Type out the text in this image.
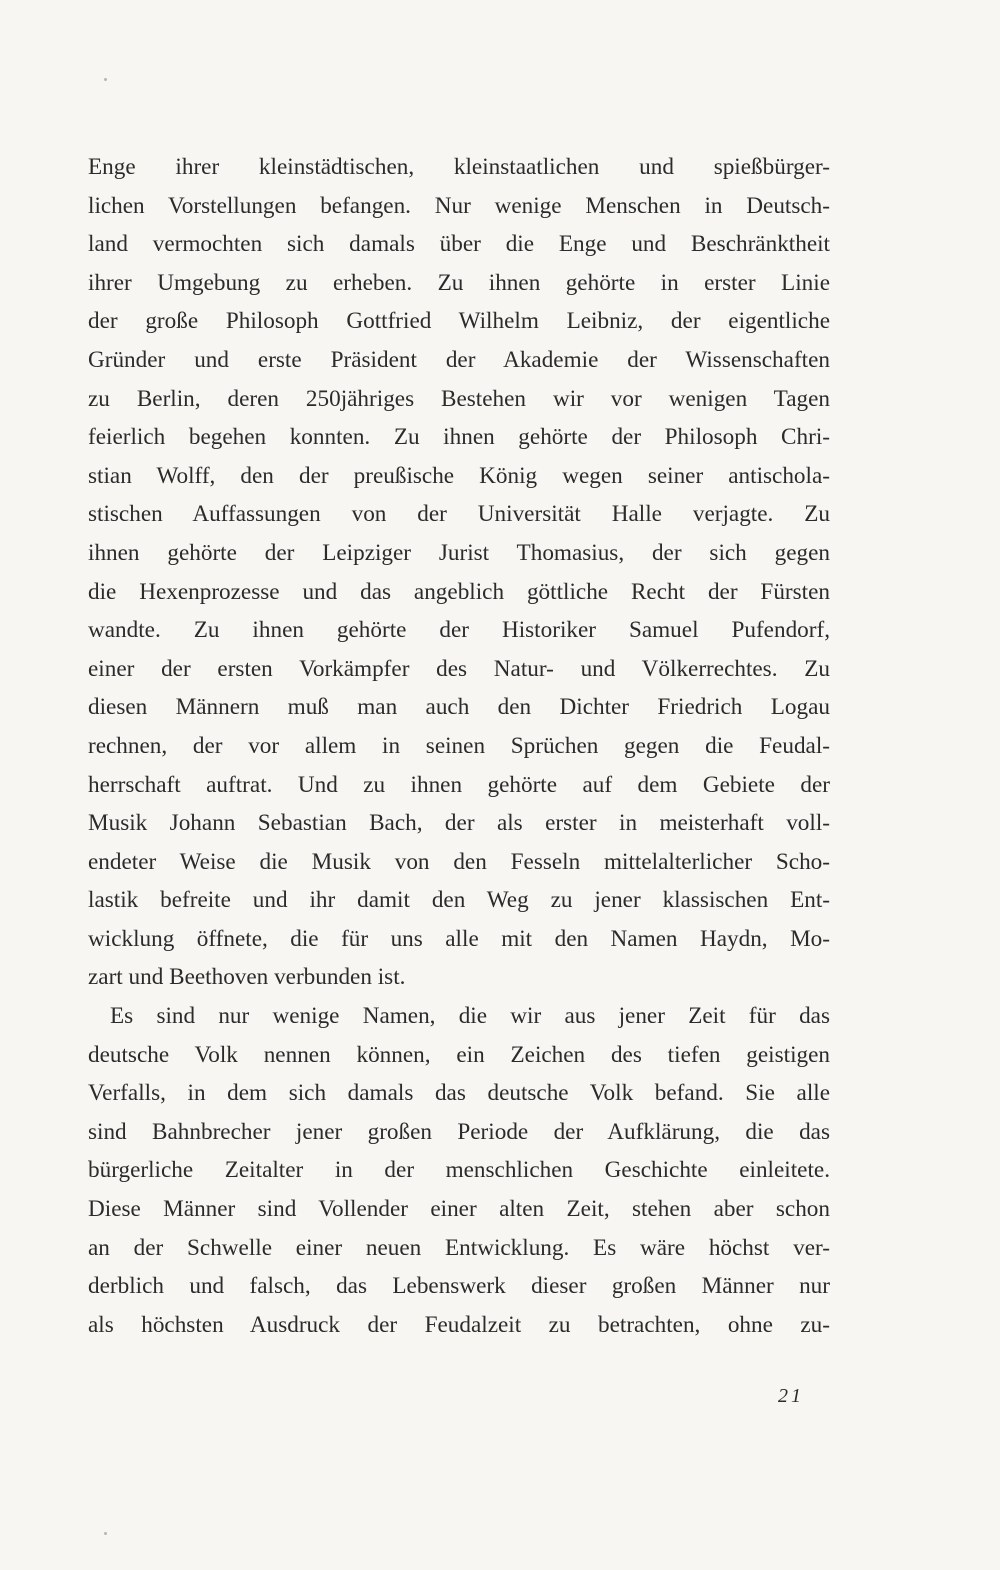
Enge ihrer kleinstädtischen, kleinstaatlichen und spießbürger-
lichen Vorstellungen befangen. Nur wenige Menschen in Deutsch-
land vermochten sich damals über die Enge und Beschränktheit
ihrer Umgebung zu erheben. Zu ihnen gehörte in erster Linie
der große Philosoph Gottfried Wilhelm Leibniz, der eigentliche
Gründer und erste Präsident der Akademie der Wissenschaften
zu Berlin, deren 250jähriges Bestehen wir vor wenigen Tagen
feierlich begehen konnten. Zu ihnen gehörte der Philosoph Chri-
stian Wolff, den der preußische König wegen seiner antischola-
stischen Auffassungen von der Universität Halle verjagte. Zu
ihnen gehörte der Leipziger Jurist Thomasius, der sich gegen
die Hexenprozesse und das angeblich göttliche Recht der Fürsten
wandte. Zu ihnen gehörte der Historiker Samuel Pufendorf,
einer der ersten Vorkämpfer des Natur- und Völkerrechtes. Zu
diesen Männern muß man auch den Dichter Friedrich Logau
rechnen, der vor allem in seinen Sprüchen gegen die Feudal-
herrschaft auftrat. Und zu ihnen gehörte auf dem Gebiete der
Musik Johann Sebastian Bach, der als erster in meisterhaft voll-
endeter Weise die Musik von den Fesseln mittelalterlicher Scho-
lastik befreite und ihr damit den Weg zu jener klassischen Ent-
wicklung öffnete, die für uns alle mit den Namen Haydn, Mo-
zart und Beethoven verbunden ist.
Es sind nur wenige Namen, die wir aus jener Zeit für das
deutsche Volk nennen können, ein Zeichen des tiefen geistigen
Verfalls, in dem sich damals das deutsche Volk befand. Sie alle
sind Bahnbrecher jener großen Periode der Aufklärung, die das
bürgerliche Zeitalter in der menschlichen Geschichte einleitete.
Diese Männer sind Vollender einer alten Zeit, stehen aber schon
an der Schwelle einer neuen Entwicklung. Es wäre höchst ver-
derblich und falsch, das Lebenswerk dieser großen Männer nur
als höchsten Ausdruck der Feudalzeit zu betrachten, ohne zu-
21
